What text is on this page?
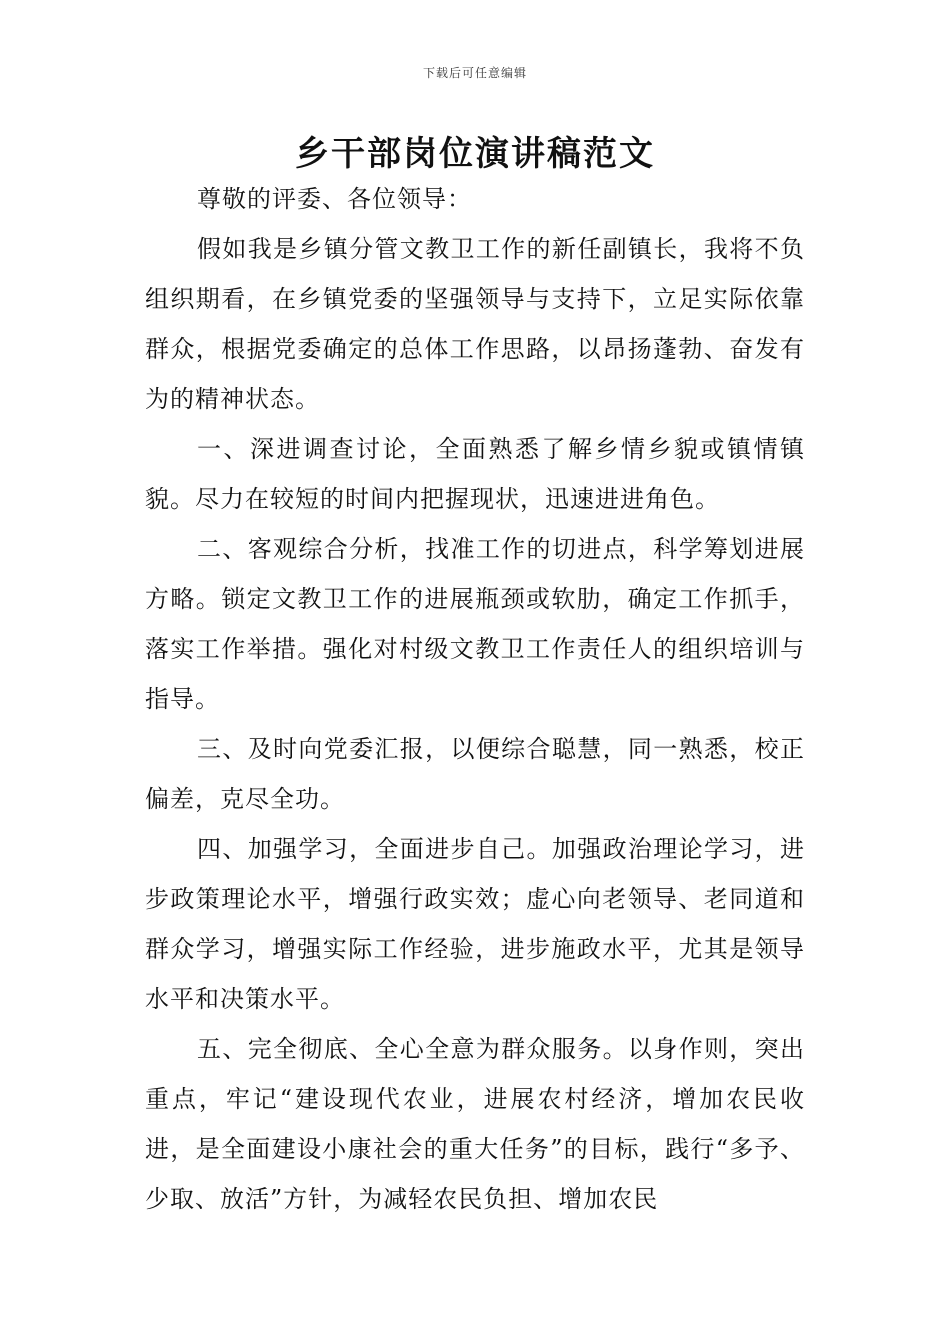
下载后可任意编辑
乡干部岗位演讲稿范文

尊敬的评委、各位领导：

假如我是乡镇分管文教卫工作的新任副镇长，我将不负组织期看，在乡镇党委的坚强领导与支持下，立足实际依靠群众，根据党委确定的总体工作思路，以昂扬蓬勃、奋发有为的精神状态。

一、深进调查讨论，全面熟悉了解乡情乡貌或镇情镇貌。尽力在较短的时间内把握现状，迅速进进角色。

二、客观综合分析，找准工作的切进点，科学筹划进展方略。锁定文教卫工作的进展瓶颈或软肋，确定工作抓手，落实工作举措。强化对村级文教卫工作责任人的组织培训与指导。

三、及时向党委汇报，以便综合聪慧，同一熟悉，校正偏差，克尽全功。

四、加强学习，全面进步自己。加强政治理论学习，进步政策理论水平，增强行政实效；虚心向老领导、老同道和群众学习，增强实际工作经验，进步施政水平，尤其是领导水平和决策水平。

五、完全彻底、全心全意为群众服务。以身作则，突出重点，牢记“建设现代农业，进展农村经济，增加农民收进，是全面建设小康社会的重大任务”的目标，践行“多予、少取、放活”方针，为减轻农民负担、增加农民
